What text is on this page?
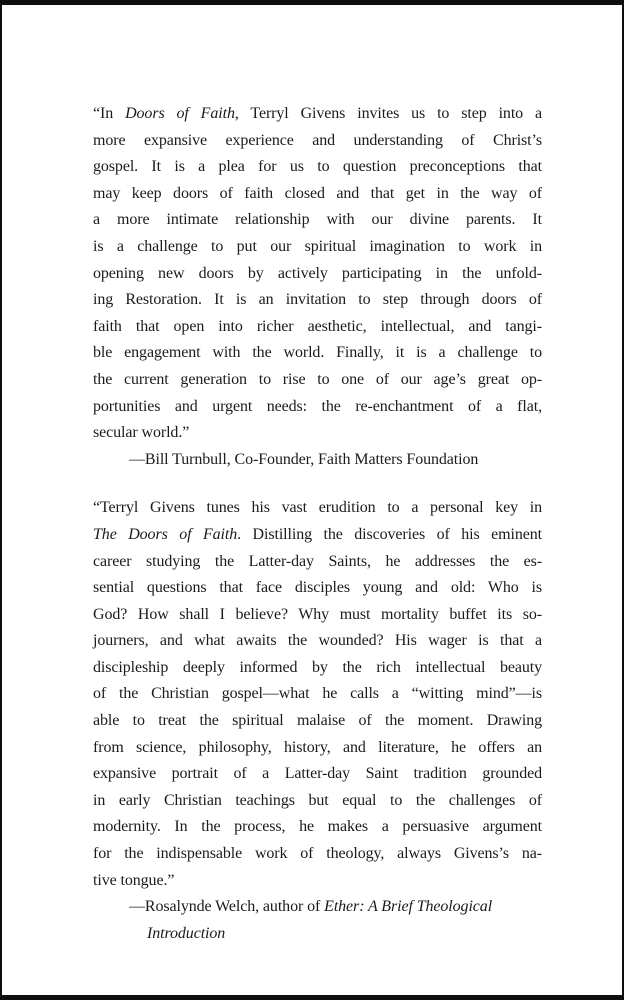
“In Doors of Faith, Terryl Givens invites us to step into a
more expansive experience and understanding of Christ’s
gospel. It is a plea for us to question preconceptions that
may keep doors of faith closed and that get in the way of
a more intimate relationship with our divine parents. It
is a challenge to put our spiritual imagination to work in
opening new doors by actively participating in the unfold-
ing Restoration. It is an invitation to step through doors of
faith that open into richer aesthetic, intellectual, and tangi-
ble engagement with the world. Finally, it is a challenge to
the current generation to rise to one of our age’s great op-
portunities and urgent needs: the re-enchantment of a flat,
secular world.”
—Bill Turnbull, Co-Founder, Faith Matters Foundation
“Terryl Givens tunes his vast erudition to a personal key in
The Doors of Faith. Distilling the discoveries of his eminent
career studying the Latter-day Saints, he addresses the es-
sential questions that face disciples young and old: Who is
God? How shall I believe? Why must mortality buffet its so-
journers, and what awaits the wounded? His wager is that a
discipleship deeply informed by the rich intellectual beauty
of the Christian gospel—what he calls a “witting mind”—is
able to treat the spiritual malaise of the moment. Drawing
from science, philosophy, history, and literature, he offers an
expansive portrait of a Latter-day Saint tradition grounded
in early Christian teachings but equal to the challenges of
modernity. In the process, he makes a persuasive argument
for the indispensable work of theology, always Givens’s na-
tive tongue.”
—Rosalynde Welch, author of Ether: A Brief Theological
Introduction
